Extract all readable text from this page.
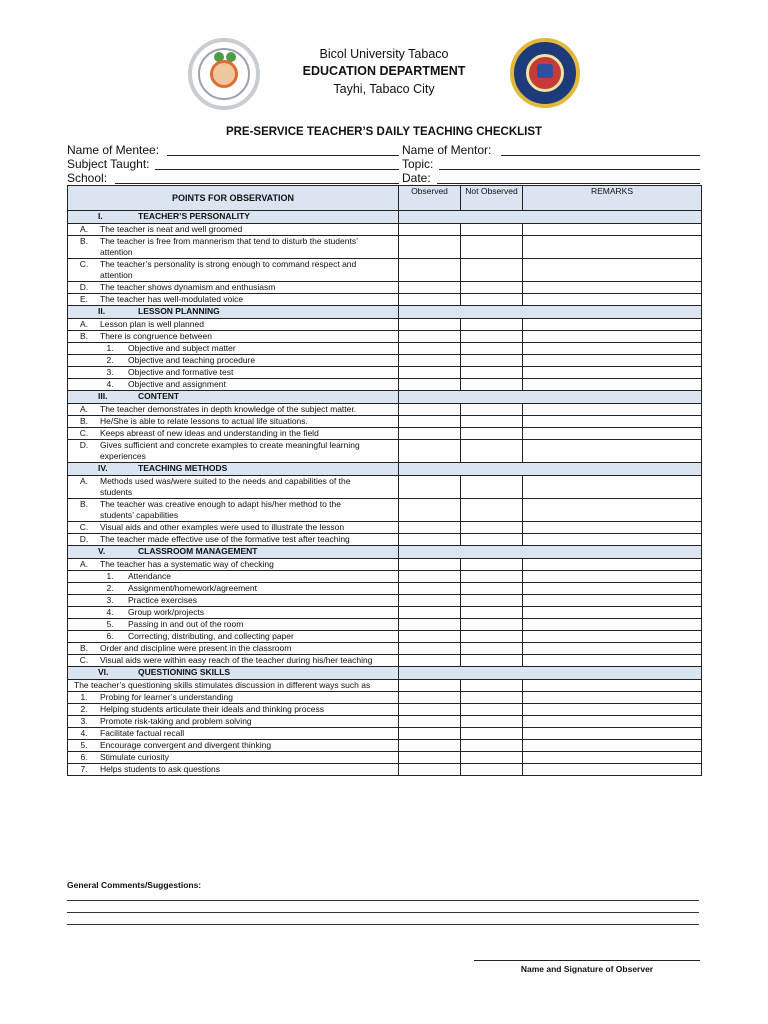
Bicol University Tabaco
EDUCATION DEPARTMENT
Tayhi, Tabaco City
PRE-SERVICE TEACHER’S DAILY TEACHING CHECKLIST
Name of Mentee:	Name of Mentor:
Subject Taught:	Topic:
School:	Date:
POINTS FOR OBSERVATION	Observed	Not Observed	REMARKS
I. TEACHER’S PERSONALITY			
A. The teacher is neat and well groomed			
B. The teacher is free from mannerism that tend to disturb the students’ attention			
C. The teacher’s personality is strong enough to command respect and attention			
D. The teacher shows dynamism and enthusiasm			
E. The teacher has well-modulated voice			
II. LESSON PLANNING			
A. Lesson plan is well planned			
B. There is congruence between			
1. Objective and subject matter			
2. Objective and teaching procedure			
3. Objective and formative test			
4. Objective and assignment			
III. CONTENT			
A. The teacher demonstrates in depth knowledge of the subject matter.			
B. He/She is able to relate lessons to actual life situations.			
C. Keeps abreast of new ideas and understanding in the field			
D. Gives sufficient and concrete examples to create meaningful learning experiences			
IV. TEACHING METHODS			
A. Methods used was/were suited to the needs and capabilities of the students			
B. The teacher was creative enough to adapt his/her method to the students’ capabilities			
C. Visual aids and other examples were used to illustrate the lesson			
D. The teacher made effective use of the formative test after teaching			
V. CLASSROOM MANAGEMENT			
A. The teacher has a systematic way of checking			
1. Attendance			
2. Assignment/homework/agreement			
3. Practice exercises			
4. Group work/projects			
5. Passing in and out of the room			
6. Correcting, distributing, and collecting paper			
B. Order and discipline were present in the classroom			
C. Visual aids were within easy reach of the teacher during his/her teaching			
VI. QUESTIONING SKILLS			
The teacher’s questioning skills stimulates discussion in different ways such as			
1. Probing for learner’s understanding			
2. Helping students articulate their ideals and thinking process			
3. Promote risk-taking and problem solving			
4. Facilitate factual recall			
5. Encourage convergent and divergent thinking			
6. Stimulate curiosity			
7. Helps students to ask questions			
General Comments/Suggestions:
Name and Signature of Observer
